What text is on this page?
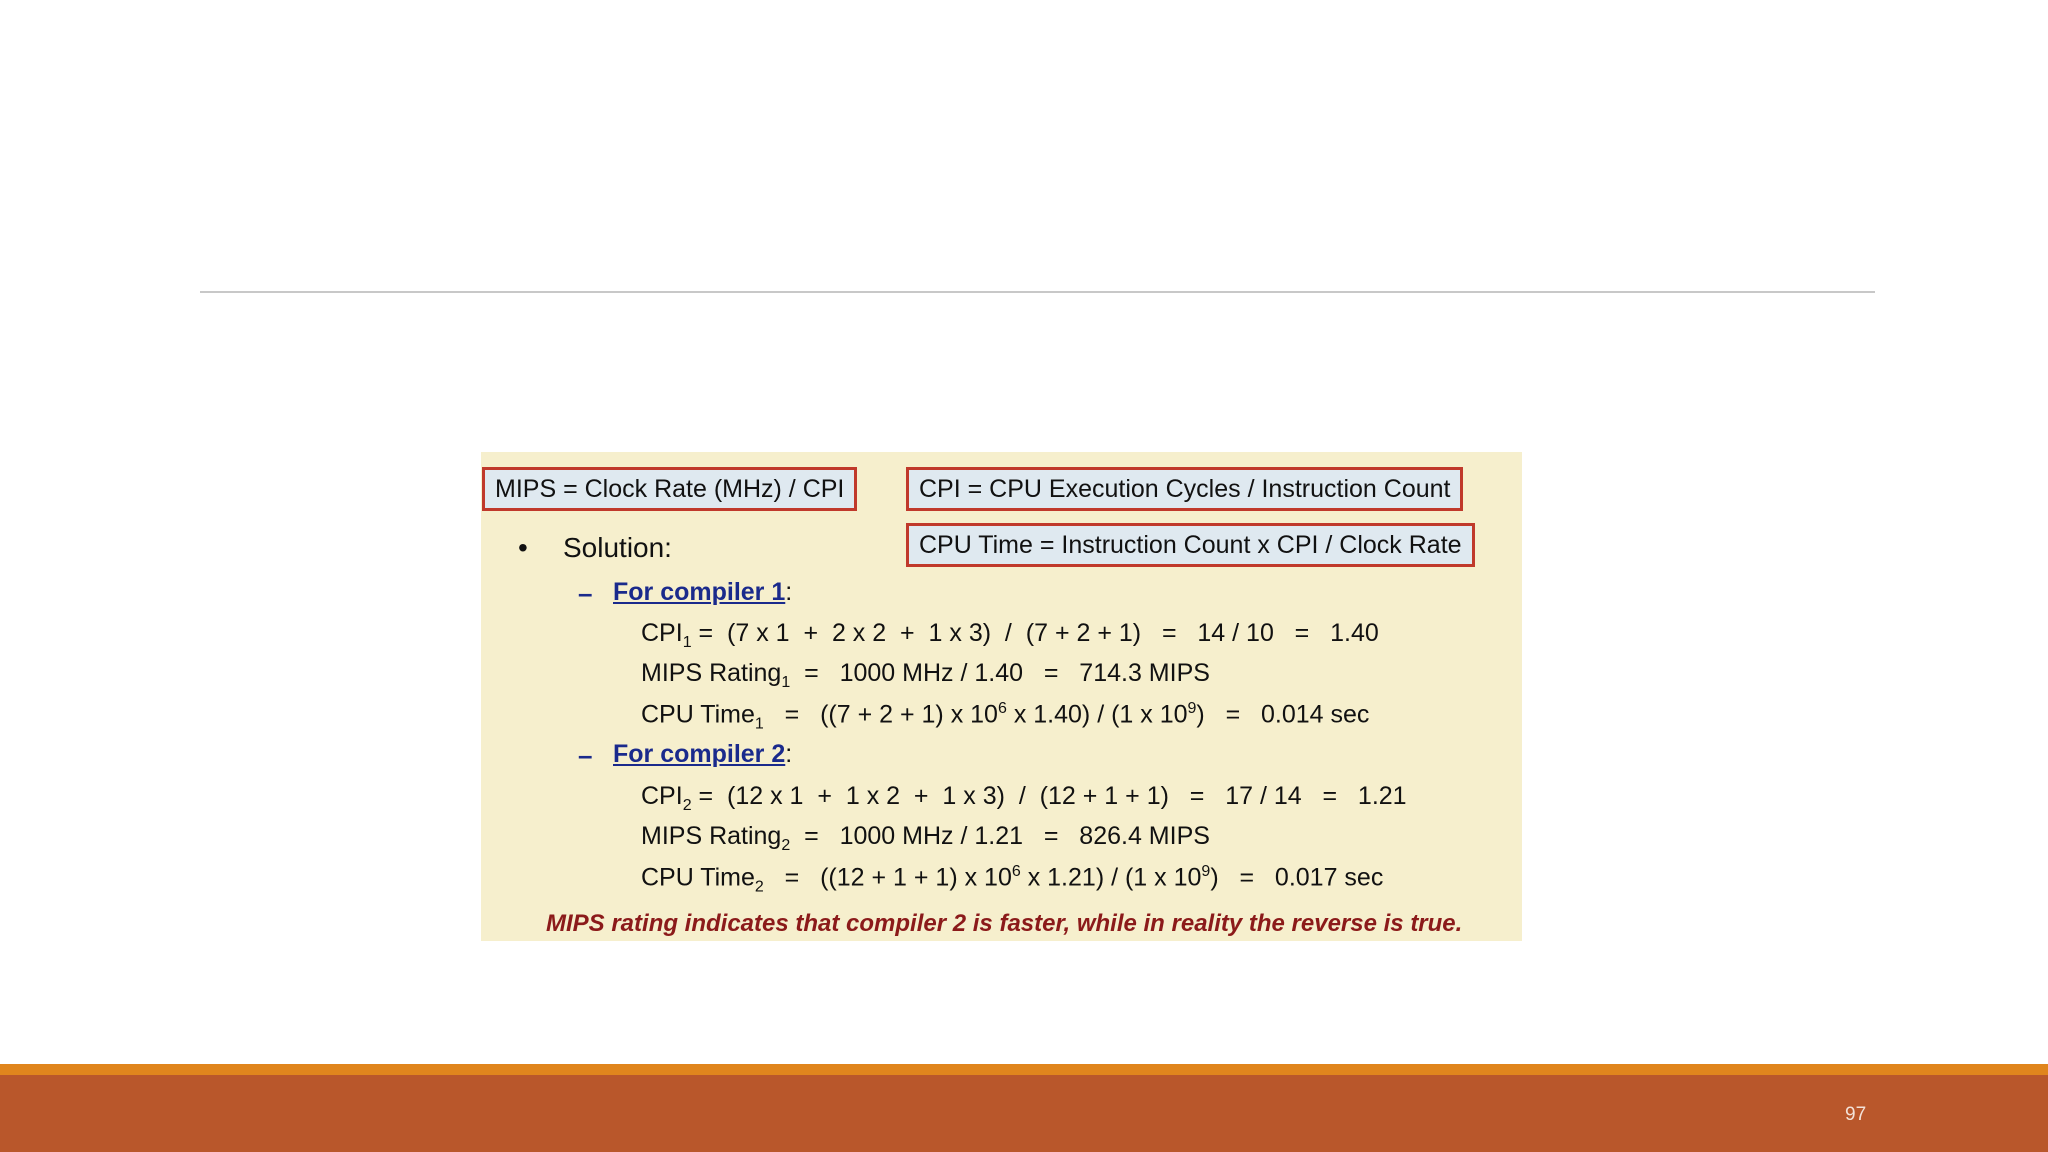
MIPS = Clock Rate (MHz) / CPI	CPI = CPU Execution Cycles / Instruction Count
CPU Time = Instruction Count x CPI / Clock Rate
• Solution:
– For compiler 1:
$CPI_1 = (7$ x 1  +  2 x 2  +  1 x 3)  /  (7 + 2 + 1)   =   14 / 10   =   1.40
MIPS Rating$_1$  =   1000 MHz / 1.40   =   714.3 MIPS
CPU Time$_1$   =   ((7 + 2 + 1) x $10^6$ x 1.40) / (1 x $10^9) = 0.014$ sec
– For compiler 2:
$CPI_2 = (12$ x 1  +  1 x 2  +  1 x 3)  /  (12 + 1 + 1)   =   17 / 14   =   1.21
MIPS Rating$_2$  =   1000 MHz / 1.21   =   826.4 MIPS
CPU Time$_2$   =   ((12 + 1 + 1) x $10^6$ x 1.21) / (1 x $10^9) = 0.017$ sec
MIPS rating indicates that compiler 2 is faster, while in reality the reverse is true.
97
